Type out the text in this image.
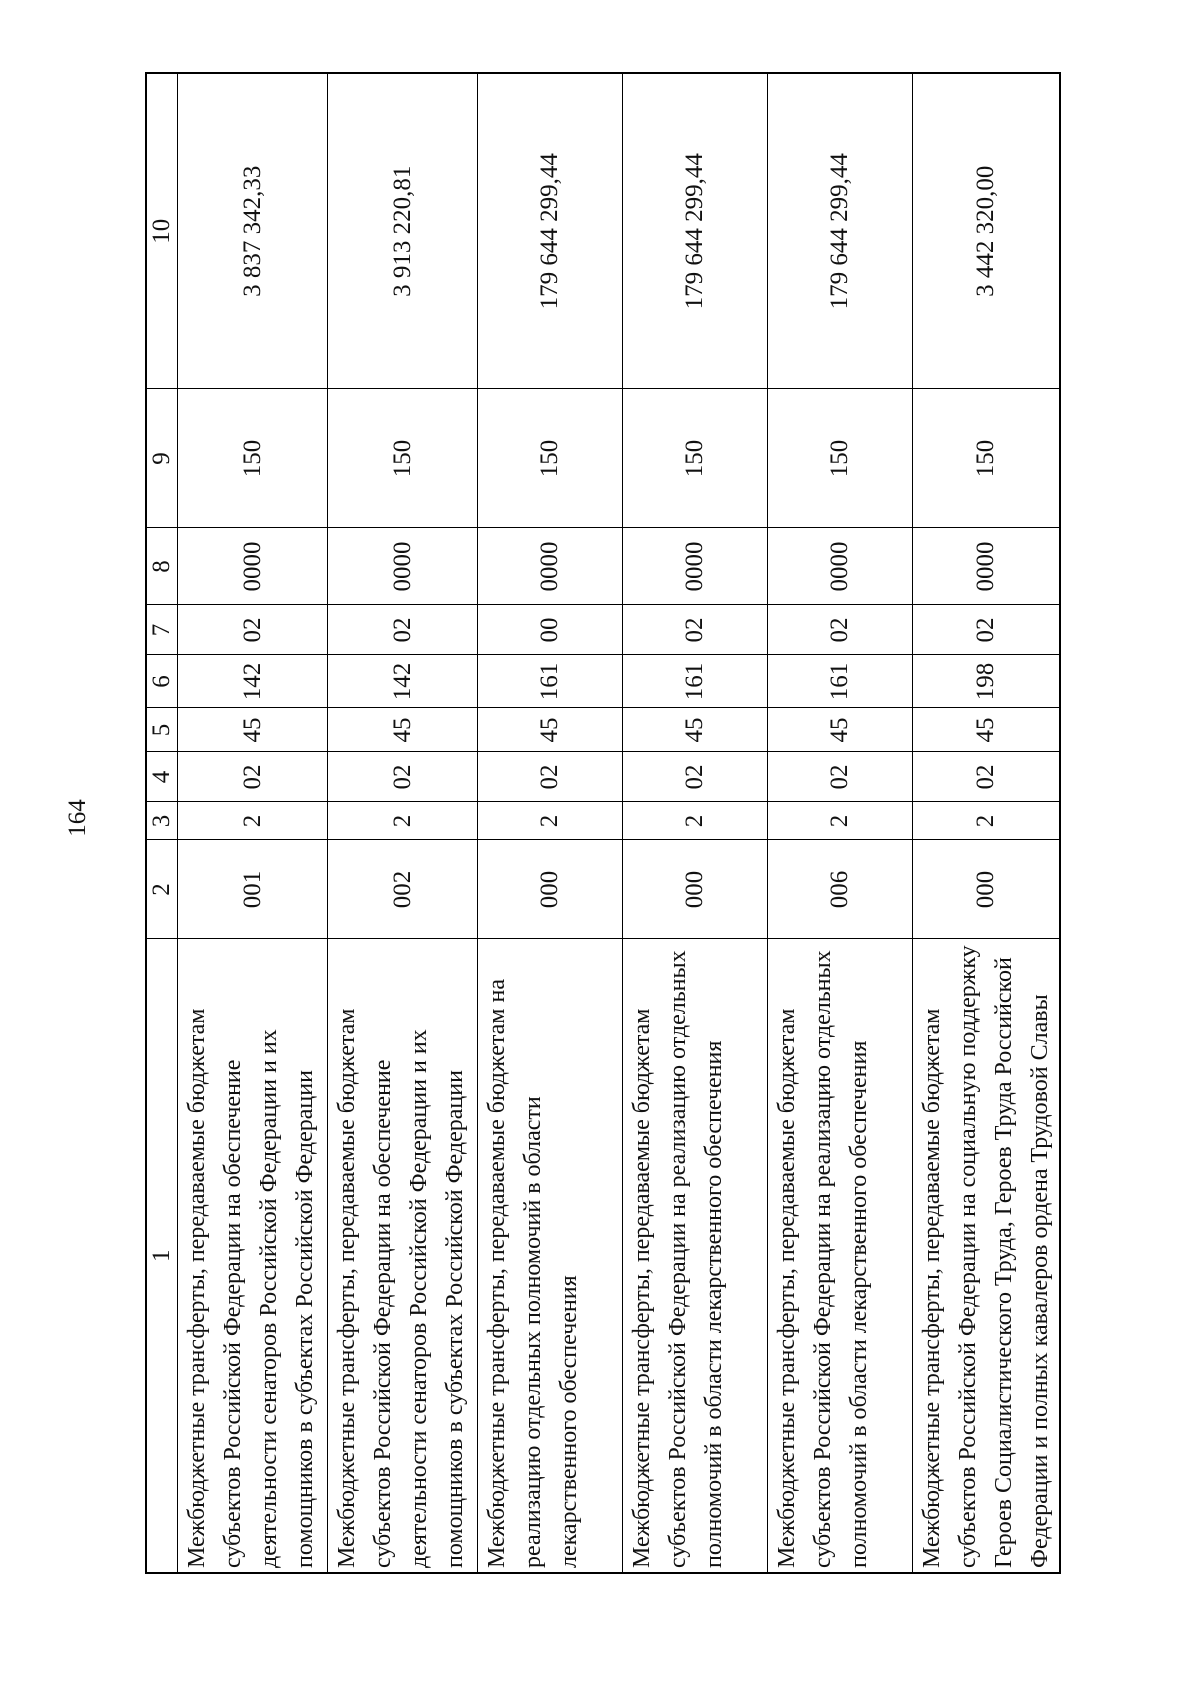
164
1	2	3	4	5	6	7	8	9	10
Межбюджетные трансферты, передаваемые бюджетам субъектов Российской Федерации на обеспечение деятельности сенаторов Российской Федерации и их помощников в субъектах Российской Федерации	001	2	02	45	142	02	0000	150	3 837 342,33
Межбюджетные трансферты, передаваемые бюджетам субъектов Российской Федерации на обеспечение деятельности сенаторов Российской Федерации и их помощников в субъектах Российской Федерации	002	2	02	45	142	02	0000	150	3 913 220,81
Межбюджетные трансферты, передаваемые бюджетам на реализацию отдельных полномочий в области лекарственного обеспечения	000	2	02	45	161	00	0000	150	179 644 299,44
Межбюджетные трансферты, передаваемые бюджетам субъектов Российской Федерации на реализацию отдельных полномочий в области лекарственного обеспечения	000	2	02	45	161	02	0000	150	179 644 299,44
Межбюджетные трансферты, передаваемые бюджетам субъектов Российской Федерации на реализацию отдельных полномочий в области лекарственного обеспечения	006	2	02	45	161	02	0000	150	179 644 299,44
Межбюджетные трансферты, передаваемые бюджетам субъектов Российской Федерации на социальную поддержку Героев Социалистического Труда, Героев Труда Российской Федерации и полных кавалеров ордена Трудовой Славы	000	2	02	45	198	02	0000	150	3 442 320,00
